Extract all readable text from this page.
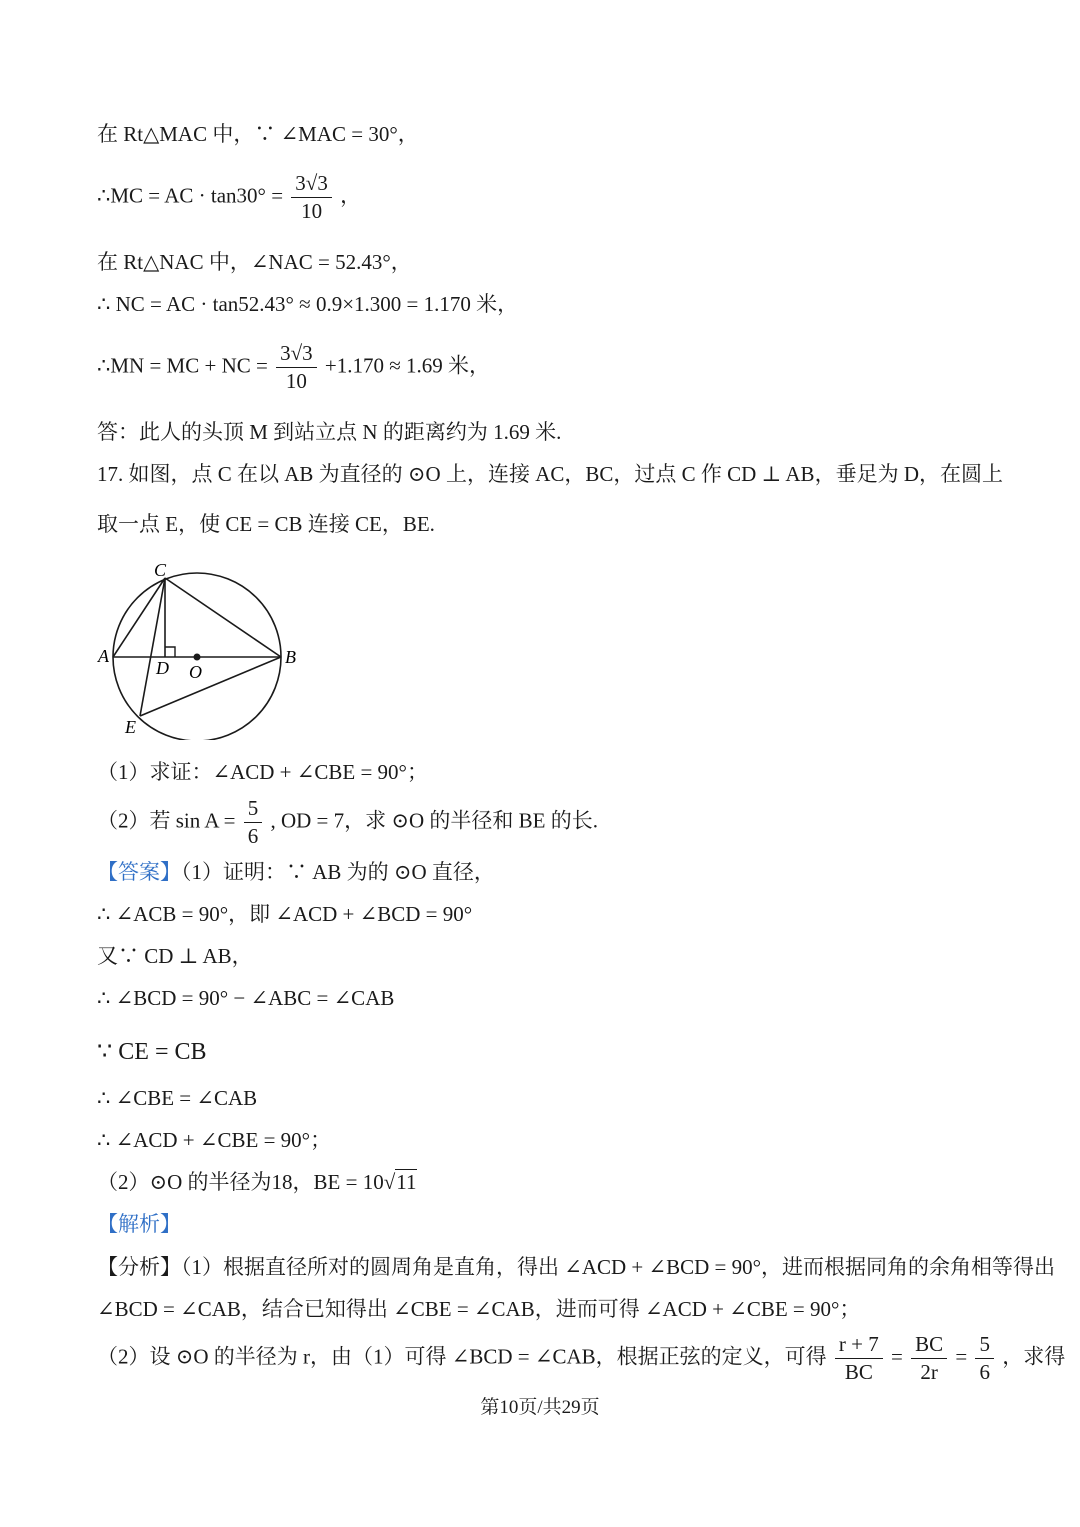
在 Rt△MAC 中，∵ ∠MAC = 30°，
∴MC = AC · $\tan 30^\circ = \frac{3√3}{10}$ ，
在 Rt△NAC 中，∠NAC = 52.43°，
∴ NC = AC · tan52.43° ≈ 0.9×1.300 = 1.170 米，
∴MN = MC + NC = $\frac{3√3}{10} +1.170 \approx 1.69$ 米，
答：此人的头顶 M 到站立点 N 的距离约为 1.69 米.
17. 如图，点 C 在以 AB 为直径的 ⊙O 上，连接 AC，BC，过点 C 作 CD ⊥ AB，垂足为 D，在圆上
取一点 E，使 CE = CB 连接 CE，BE.
C
A
D O
B
E
（1）求证：∠ACD + ∠CBE = 90°；
（2）若 $\sin A = \frac{5}{6}$ , OD = 7，求 ⊙O 的半径和 BE 的长.
【答案】（1）证明：∵ AB 为的 ⊙O 直径，
∴ ∠ACB = 90°，即 ∠ACD + ∠BCD = 90°
又∵ CD ⊥ AB，
∴ ∠BCD = 90° − ∠ABC = ∠CAB
∵ CE = CB
∴ ∠CBE = ∠CAB
∴ ∠ACD + ∠CBE = 90°；
（2）⊙O 的半径为18，BE = 10√11
【解析】
【分析】（1）根据直径所对的圆周角是直角，得出 ∠ACD + ∠BCD = 90°，进而根据同角的余角相等得出
∠BCD = ∠CAB，结合已知得出 ∠CBE = ∠CAB，进而可得 ∠ACD + ∠CBE = 90°；
（2）设 ⊙O 的半径为 r，由（1）可得 ∠BCD = ∠CAB，根据正弦的定义，可得 $\frac{r + 7}{BC} = \frac{BC}{2r} = \frac{5}{6}$ ，求得
第10页/共29页
